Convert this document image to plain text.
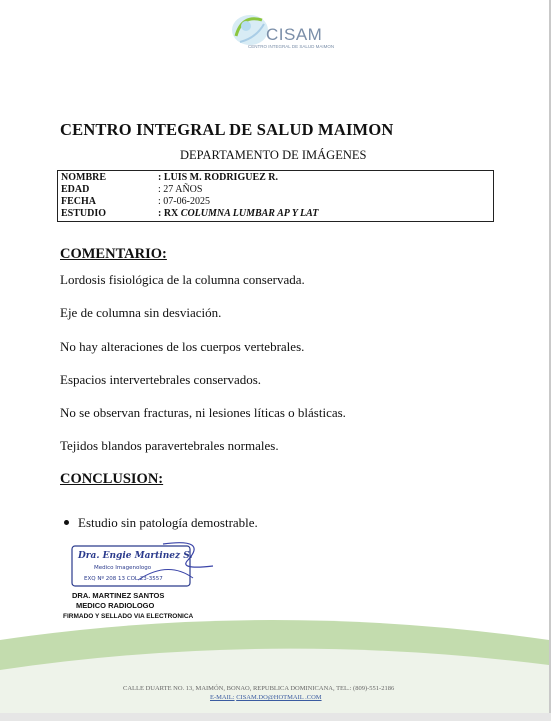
CISAM
CENTRO INTEGRAL DE SALUD MAIMON
CENTRO INTEGRAL DE SALUD MAIMON
DEPARTAMENTO DE IMÁGENES
NOMBRE	: LUIS M. RODRIGUEZ R.
EDAD	: 27 AÑOS
FECHA	: 07-06-2025
ESTUDIO	: RX COLUMNA LUMBAR AP Y LAT
COMENTARIO:
Lordosis fisiológica de la columna conservada.
Eje de columna sin desviación.
No hay alteraciones de los cuerpos vertebrales.
Espacios intervertebrales conservados.
No se observan fracturas, ni lesiones líticas o blásticas.
Tejidos blandos paravertebrales normales.
CONCLUSION:
Estudio sin patología demostrable.
Dra. Engie Martinez S.
Medico Imagenologo
EXQ Nº 208 13 COL 23-3557
DRA. MARTINEZ SANTOS
MEDICO RADIOLOGO
FIRMADO Y SELLADO VIA ELECTRONICA
CALLE DUARTE NO. 13, MAIMÓN, BONAO, REPUBLICA DOMINICANA, TEL.: (809)-551-2186
E-MAIL: CISAM.DO@HOTMAIL .COM
